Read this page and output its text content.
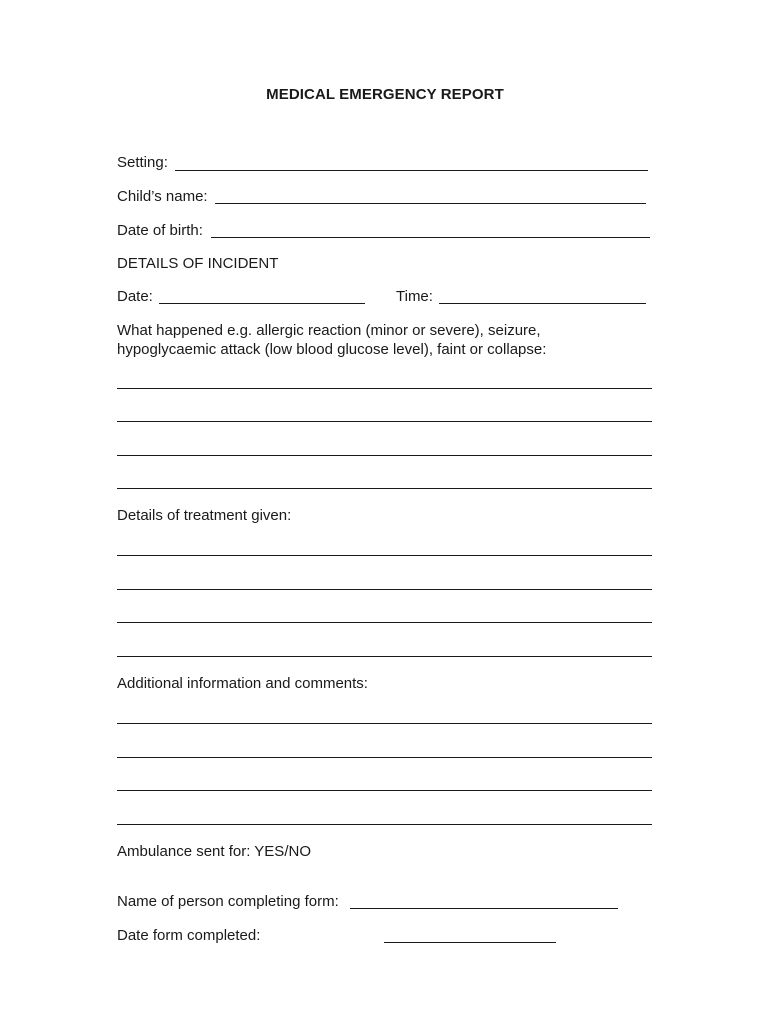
MEDICAL EMERGENCY REPORT
Setting:
Child’s name:
Date of birth:
DETAILS OF INCIDENT
Date:	Time:
What happened e.g. allergic reaction (minor or severe), seizure,
hypoglycaemic attack (low blood glucose level), faint or collapse:
Details of treatment given:
Additional information and comments:
Ambulance sent for: YES/NO
Name of person completing form:
Date form completed:
